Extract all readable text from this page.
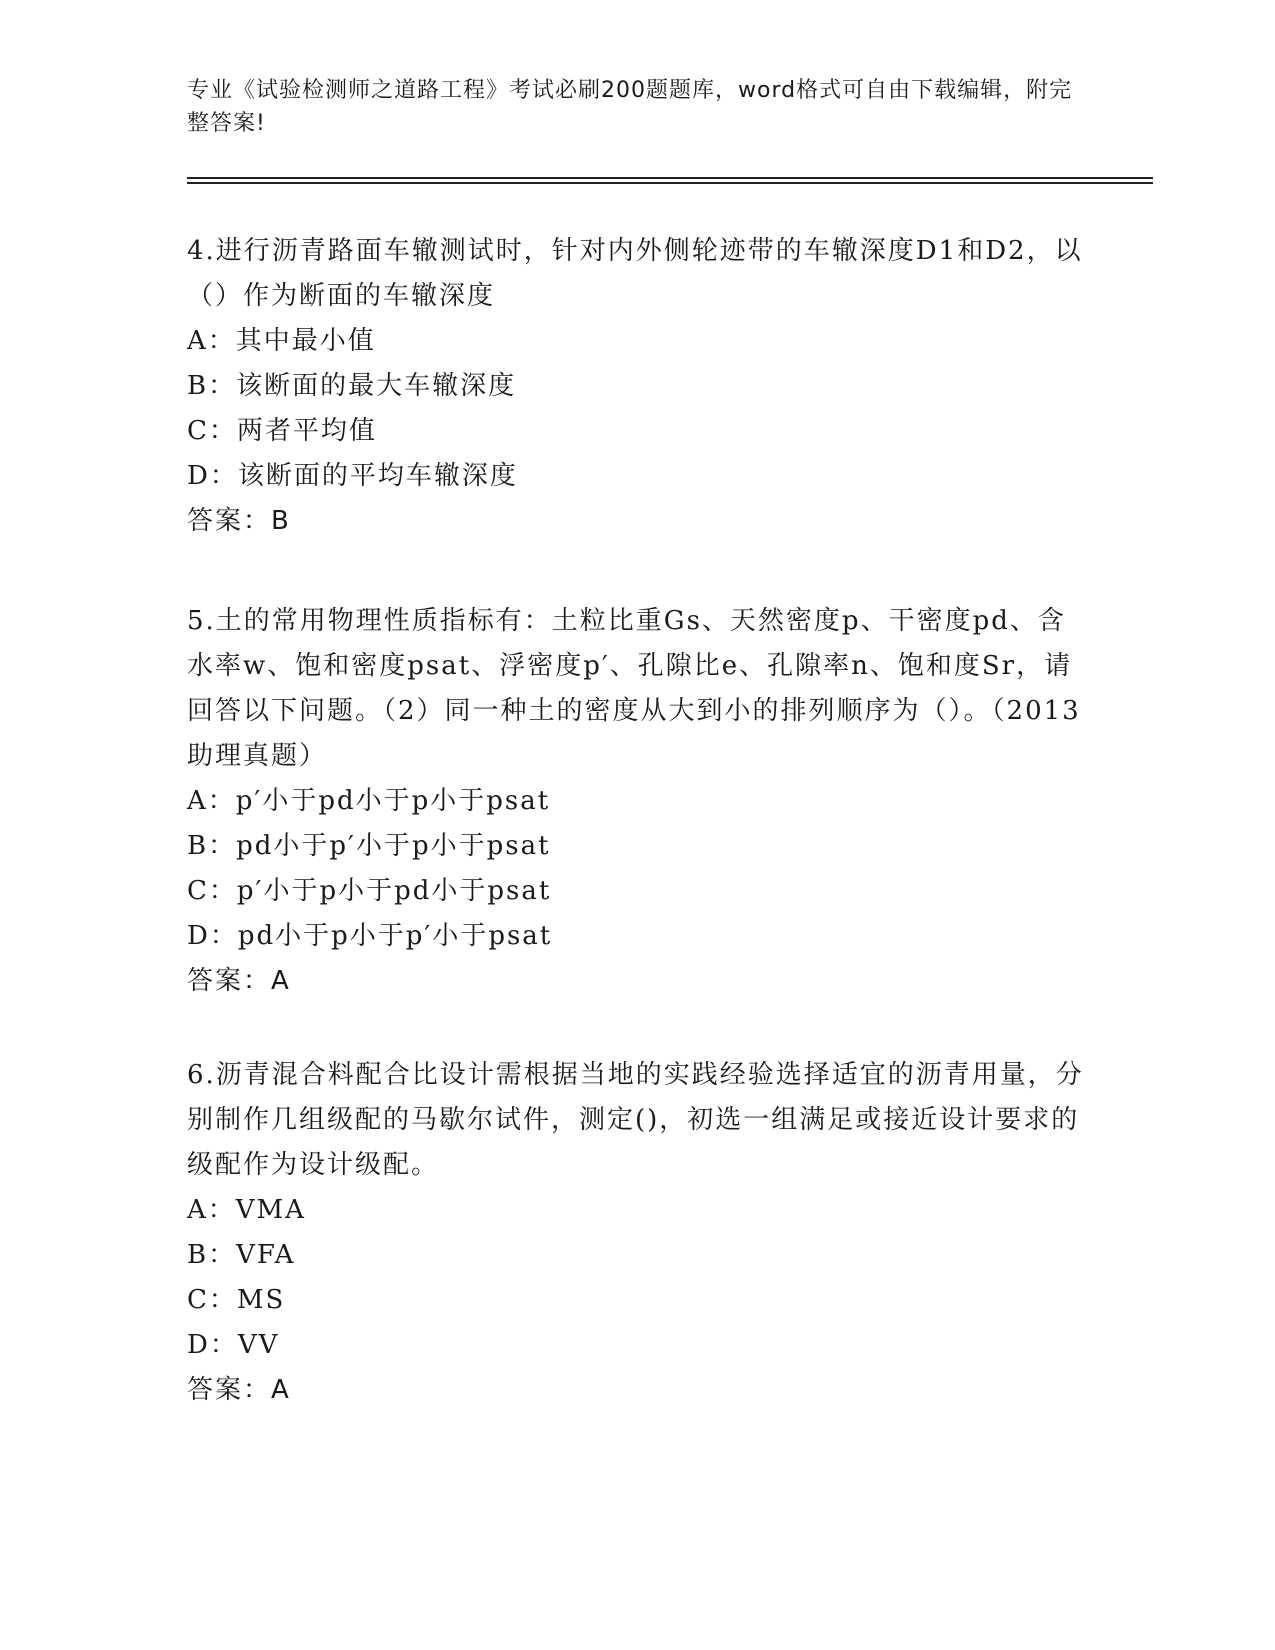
专业《试验检测师之道路工程》考试必刷200题题库，word格式可自由下载编辑，附完整答案!

4.进行沥青路面车辙测试时，针对内外侧轮迹带的车辙深度D1和D2，以（）作为断面的车辙深度

A：其中最小值
B：该断面的最大车辙深度
C：两者平均值
D：该断面的平均车辙深度

答案：B

5.土的常用物理性质指标有：土粒比重Gs、天然密度p、干密度pd、含水率w、饱和密度psat、浮密度p′、孔隙比e、孔隙率n、饱和度Sr，请回答以下问题。（2）同一种土的密度从大到小的排列顺序为（）。（2013助理真题）

A：p′小于pd小于p小于psat
B：pd小于p′小于p小于psat
C：p′小于p小于pd小于psat
D：pd小于p小于p′小于psat

答案：A

6.沥青混合料配合比设计需根据当地的实践经验选择适宜的沥青用量，分别制作几组级配的马歇尔试件，测定()，初选一组满足或接近设计要求的级配作为设计级配。

A：VMA
B：VFA
C：MS
D：VV

答案：A
